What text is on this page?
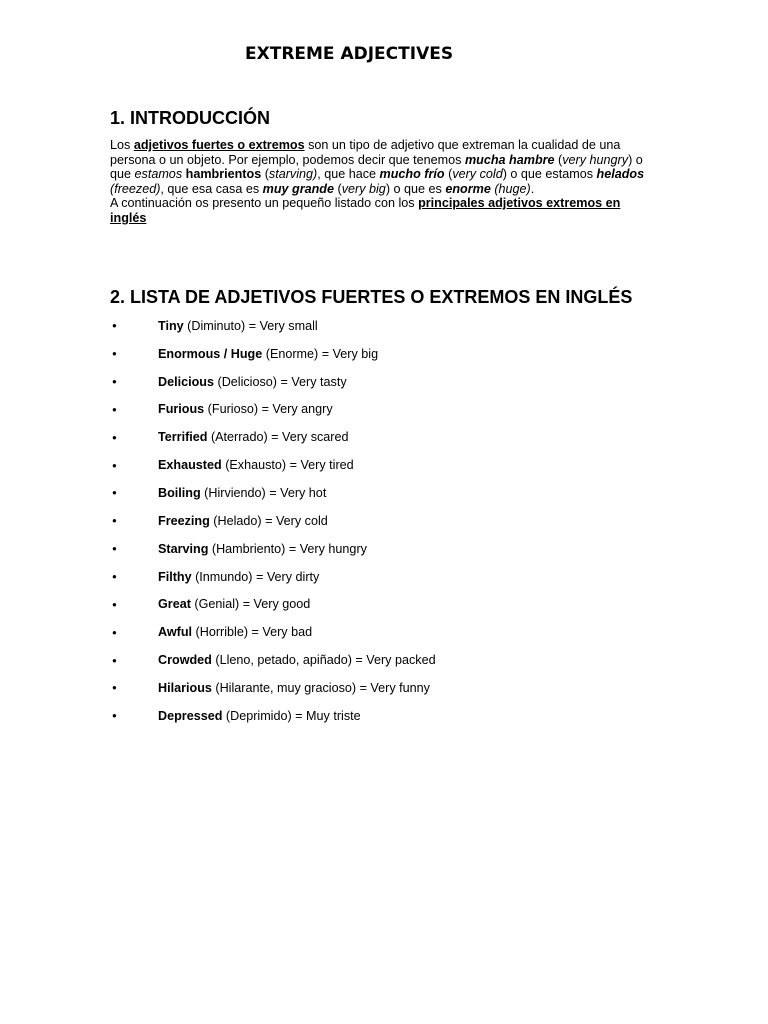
EXTREME ADJECTIVES
1. INTRODUCCIÓN

Los adjetivos fuertes o extremos son un tipo de adjetivo que extreman la cualidad de una persona o un objeto. Por ejemplo, podemos decir que tenemos mucha hambre (very hungry) o que estamos hambrientos (starving), que hace mucho frío (very cold) o que estamos helados (freezed), que esa casa es muy grande (very big) o que es enorme (huge).

A continuación os presento un pequeño listado con los principales adjetivos extremos en inglés

2. LISTA DE ADJETIVOS FUERTES O EXTREMOS EN INGLÉS
●	Tiny (Diminuto) = Very small
●	Enormous / Huge (Enorme) = Very big
●	Delicious (Delicioso) = Very tasty
●	Furious (Furioso) = Very angry
●	Terrified (Aterrado) = Very scared
●	Exhausted (Exhausto) = Very tired
●	Boiling (Hirviendo) = Very hot
●	Freezing (Helado) = Very cold
●	Starving (Hambriento) = Very hungry
●	Filthy (Inmundo) = Very dirty
●	Great (Genial) = Very good
●	Awful (Horrible) = Very bad
●	Crowded (Lleno, petado, apiñado) = Very packed
●	Hilarious (Hilarante, muy gracioso) = Very funny
●	Depressed (Deprimido) = Muy triste
